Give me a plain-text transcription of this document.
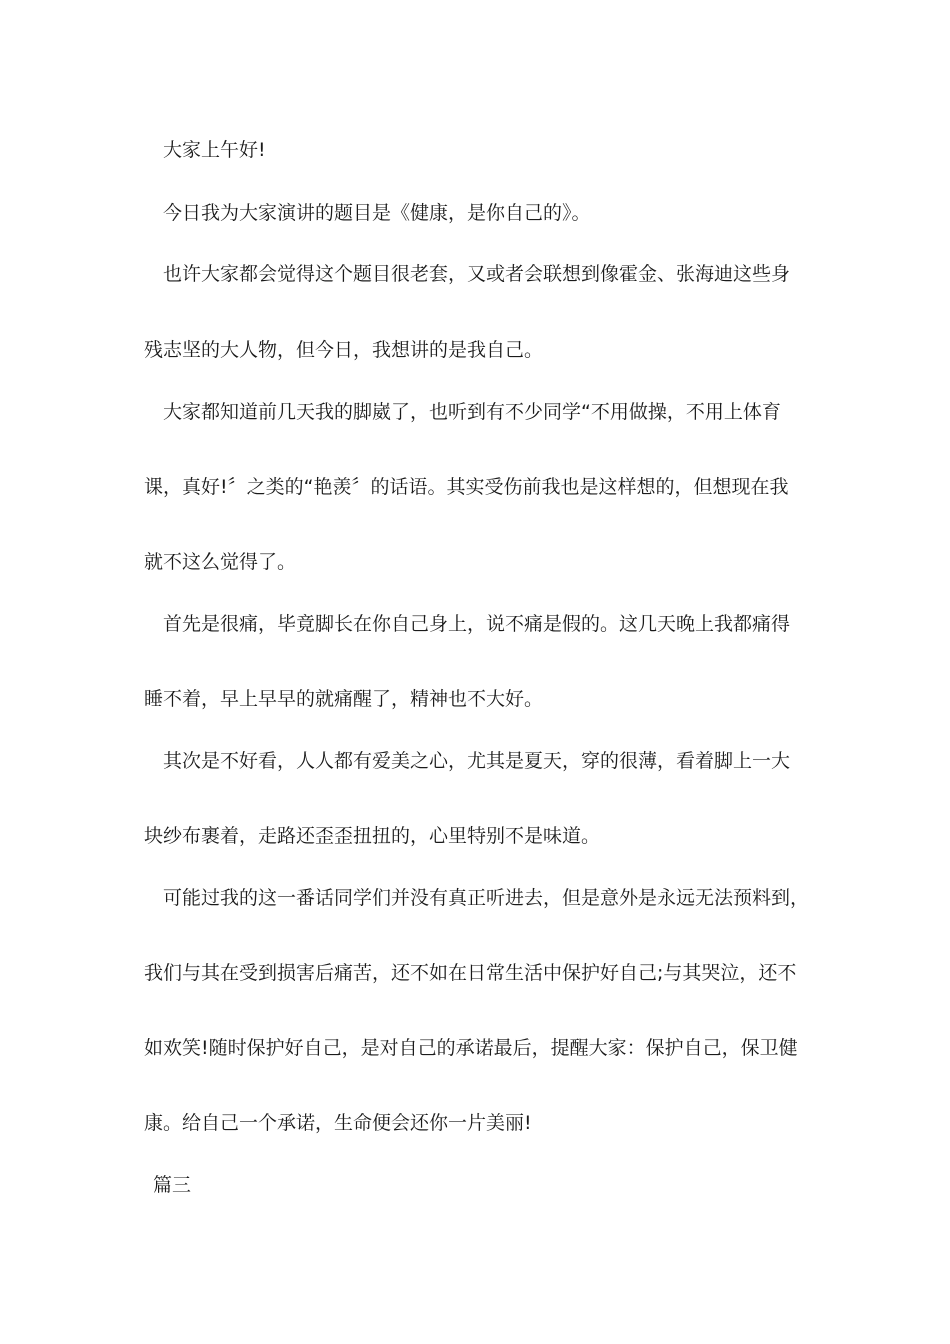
大家上午好!
今日我为大家演讲的题目是《健康，是你自己的》。
也许大家都会觉得这个题目很老套，又或者会联想到像霍金、张海迪这些身
残志坚的大人物，但今日，我想讲的是我自己。
大家都知道前几天我的脚崴了，也听到有不少同学“不用做操，不用上体育
课，真好!〞之类的“艳羡〞的话语。其实受伤前我也是这样想的，但想现在我
就不这么觉得了。
首先是很痛，毕竟脚长在你自己身上，说不痛是假的。这几天晚上我都痛得
睡不着，早上早早的就痛醒了，精神也不大好。
其次是不好看，人人都有爱美之心，尤其是夏天，穿的很薄，看着脚上一大
块纱布裹着，走路还歪歪扭扭的，心里特别不是味道。
可能过我的这一番话同学们并没有真正听进去，但是意外是永远无法预料到，
我们与其在受到损害后痛苦，还不如在日常生活中保护好自己;与其哭泣，还不
如欢笑!随时保护好自己，是对自己的承诺最后，提醒大家：保护自己，保卫健
康。给自己一个承诺，生命便会还你一片美丽!
篇三
